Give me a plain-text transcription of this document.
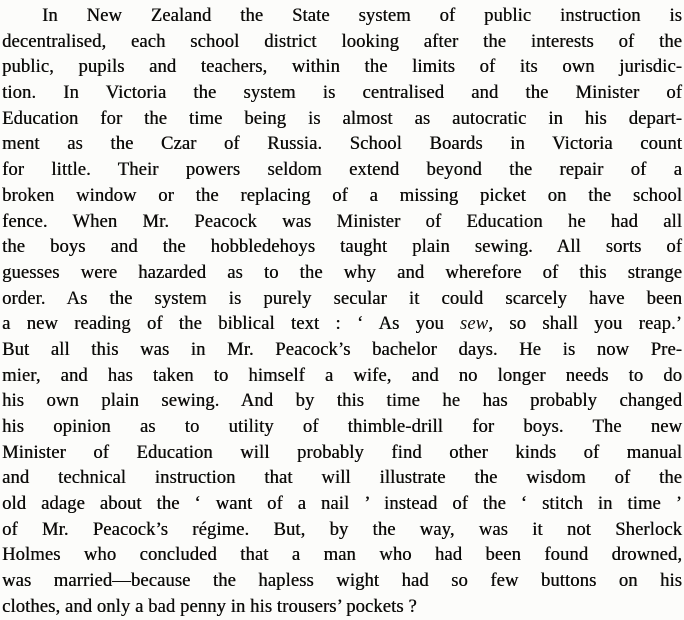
In New Zealand the State system of public instruction is
decentralised, each school district looking after the interests of the
public, pupils and teachers, within the limits of its own jurisdic-
tion. In Victoria the system is centralised and the Minister of
Education for the time being is almost as autocratic in his depart-
ment as the Czar of Russia. School Boards in Victoria count
for little. Their powers seldom extend beyond the repair of a
broken window or the replacing of a missing picket on the school
fence. When Mr. Peacock was Minister of Education he had all
the boys and the hobbledehoys taught plain sewing. All sorts of
guesses were hazarded as to the why and wherefore of this strange
order. As the system is purely secular it could scarcely have been
a new reading of the biblical text : ‘ As you sew, so shall you reap.’
But all this was in Mr. Peacock’s bachelor days. He is now Pre-
mier, and has taken to himself a wife, and no longer needs to do
his own plain sewing. And by this time he has probably changed
his opinion as to utility of thimble-drill for boys. The new
Minister of Education will probably find other kinds of manual
and technical instruction that will illustrate the wisdom of the
old adage about the ‘ want of a nail ’ instead of the ‘ stitch in time ’
of Mr. Peacock’s régime. But, by the way, was it not Sherlock
Holmes who concluded that a man who had been found drowned,
was married—because the hapless wight had so few buttons on his
clothes, and only a bad penny in his trousers’ pockets ?
